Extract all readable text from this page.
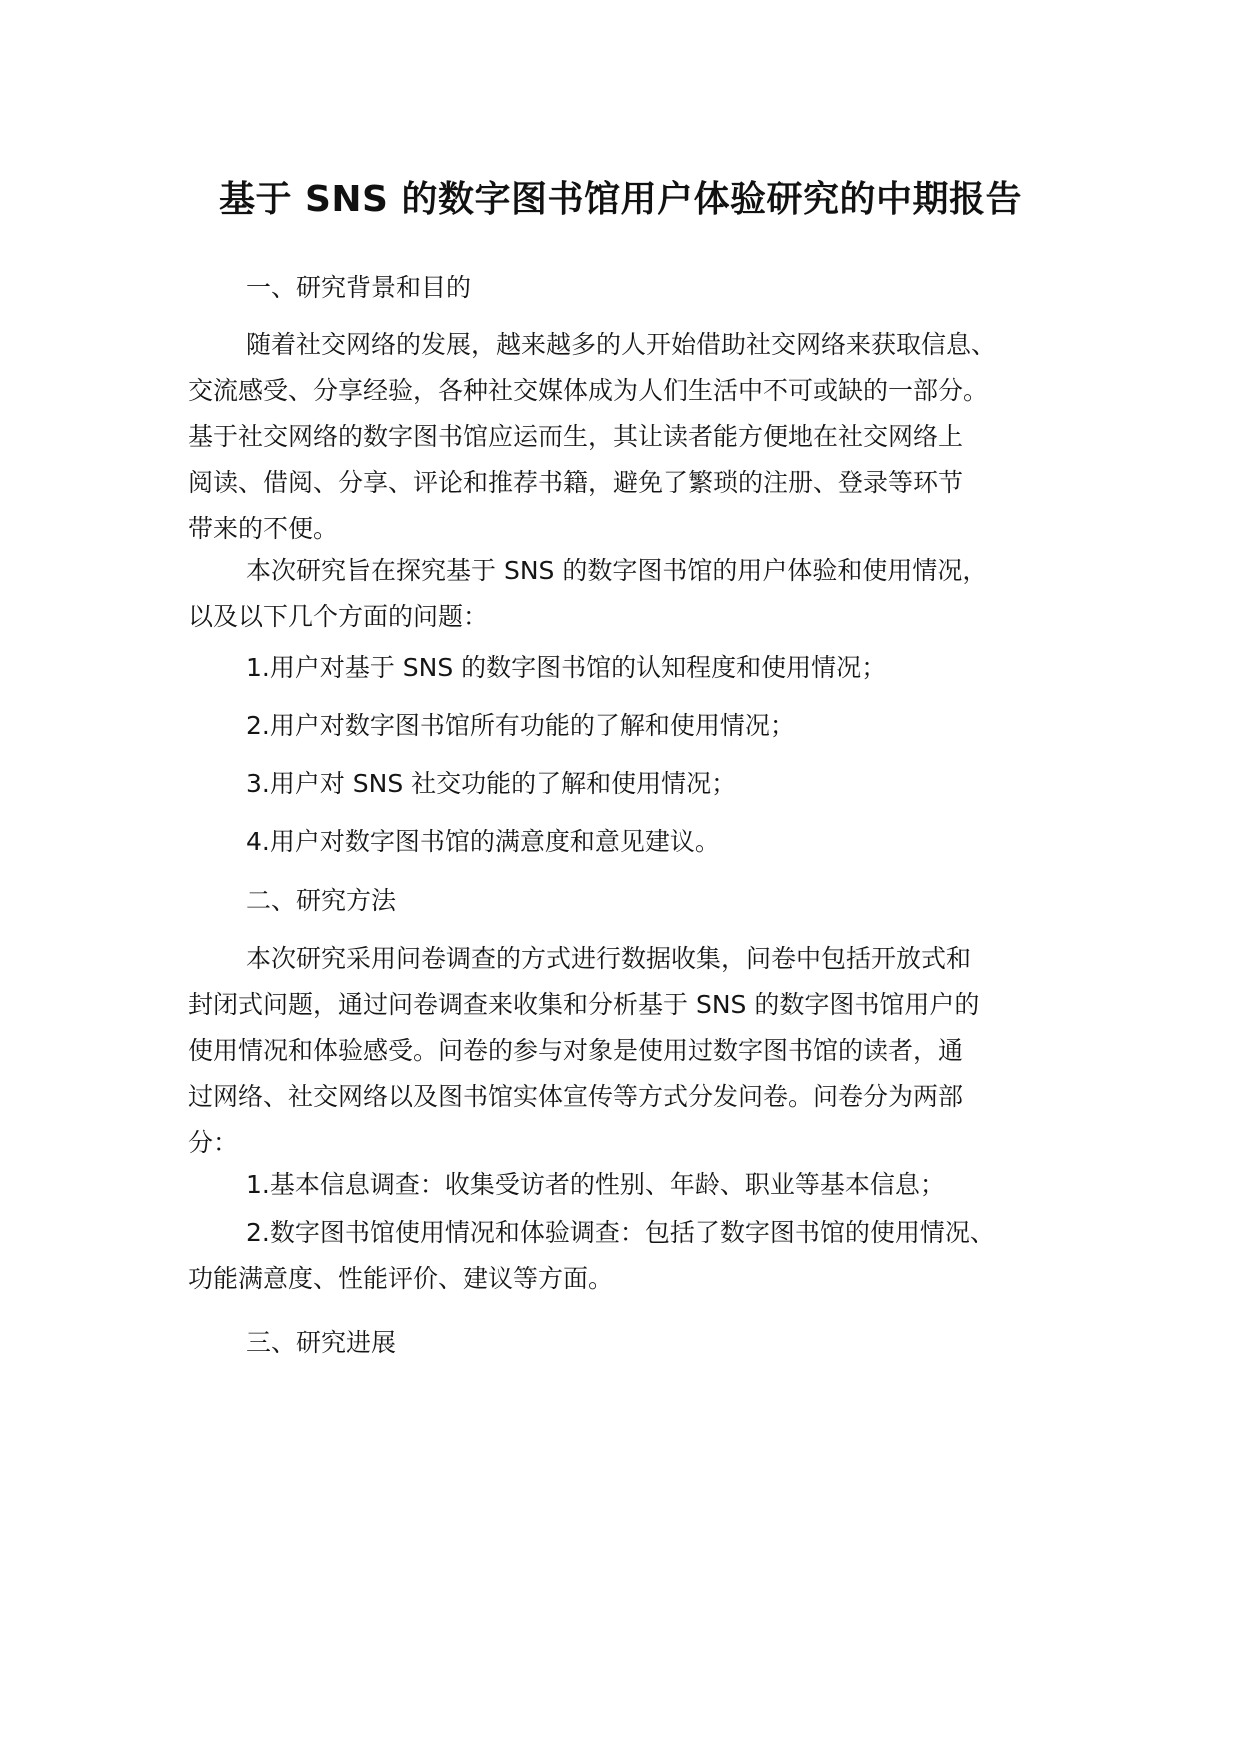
基于 SNS 的数字图书馆用户体验研究的中期报告
一、研究背景和目的
随着社交网络的发展，越来越多的人开始借助社交网络来获取信息、
交流感受、分享经验，各种社交媒体成为人们生活中不可或缺的一部分。
基于社交网络的数字图书馆应运而生，其让读者能方便地在社交网络上
阅读、借阅、分享、评论和推荐书籍，避免了繁琐的注册、登录等环节
带来的不便。
本次研究旨在探究基于 SNS 的数字图书馆的用户体验和使用情况，
以及以下几个方面的问题：
1.用户对基于 SNS 的数字图书馆的认知程度和使用情况；
2.用户对数字图书馆所有功能的了解和使用情况；
3.用户对 SNS 社交功能的了解和使用情况；
4.用户对数字图书馆的满意度和意见建议。
二、研究方法
本次研究采用问卷调查的方式进行数据收集，问卷中包括开放式和
封闭式问题，通过问卷调查来收集和分析基于 SNS 的数字图书馆用户的
使用情况和体验感受。问卷的参与对象是使用过数字图书馆的读者，通
过网络、社交网络以及图书馆实体宣传等方式分发问卷。问卷分为两部
分：
1.基本信息调查：收集受访者的性别、年龄、职业等基本信息；
2.数字图书馆使用情况和体验调查：包括了数字图书馆的使用情况、
功能满意度、性能评价、建议等方面。
三、研究进展
